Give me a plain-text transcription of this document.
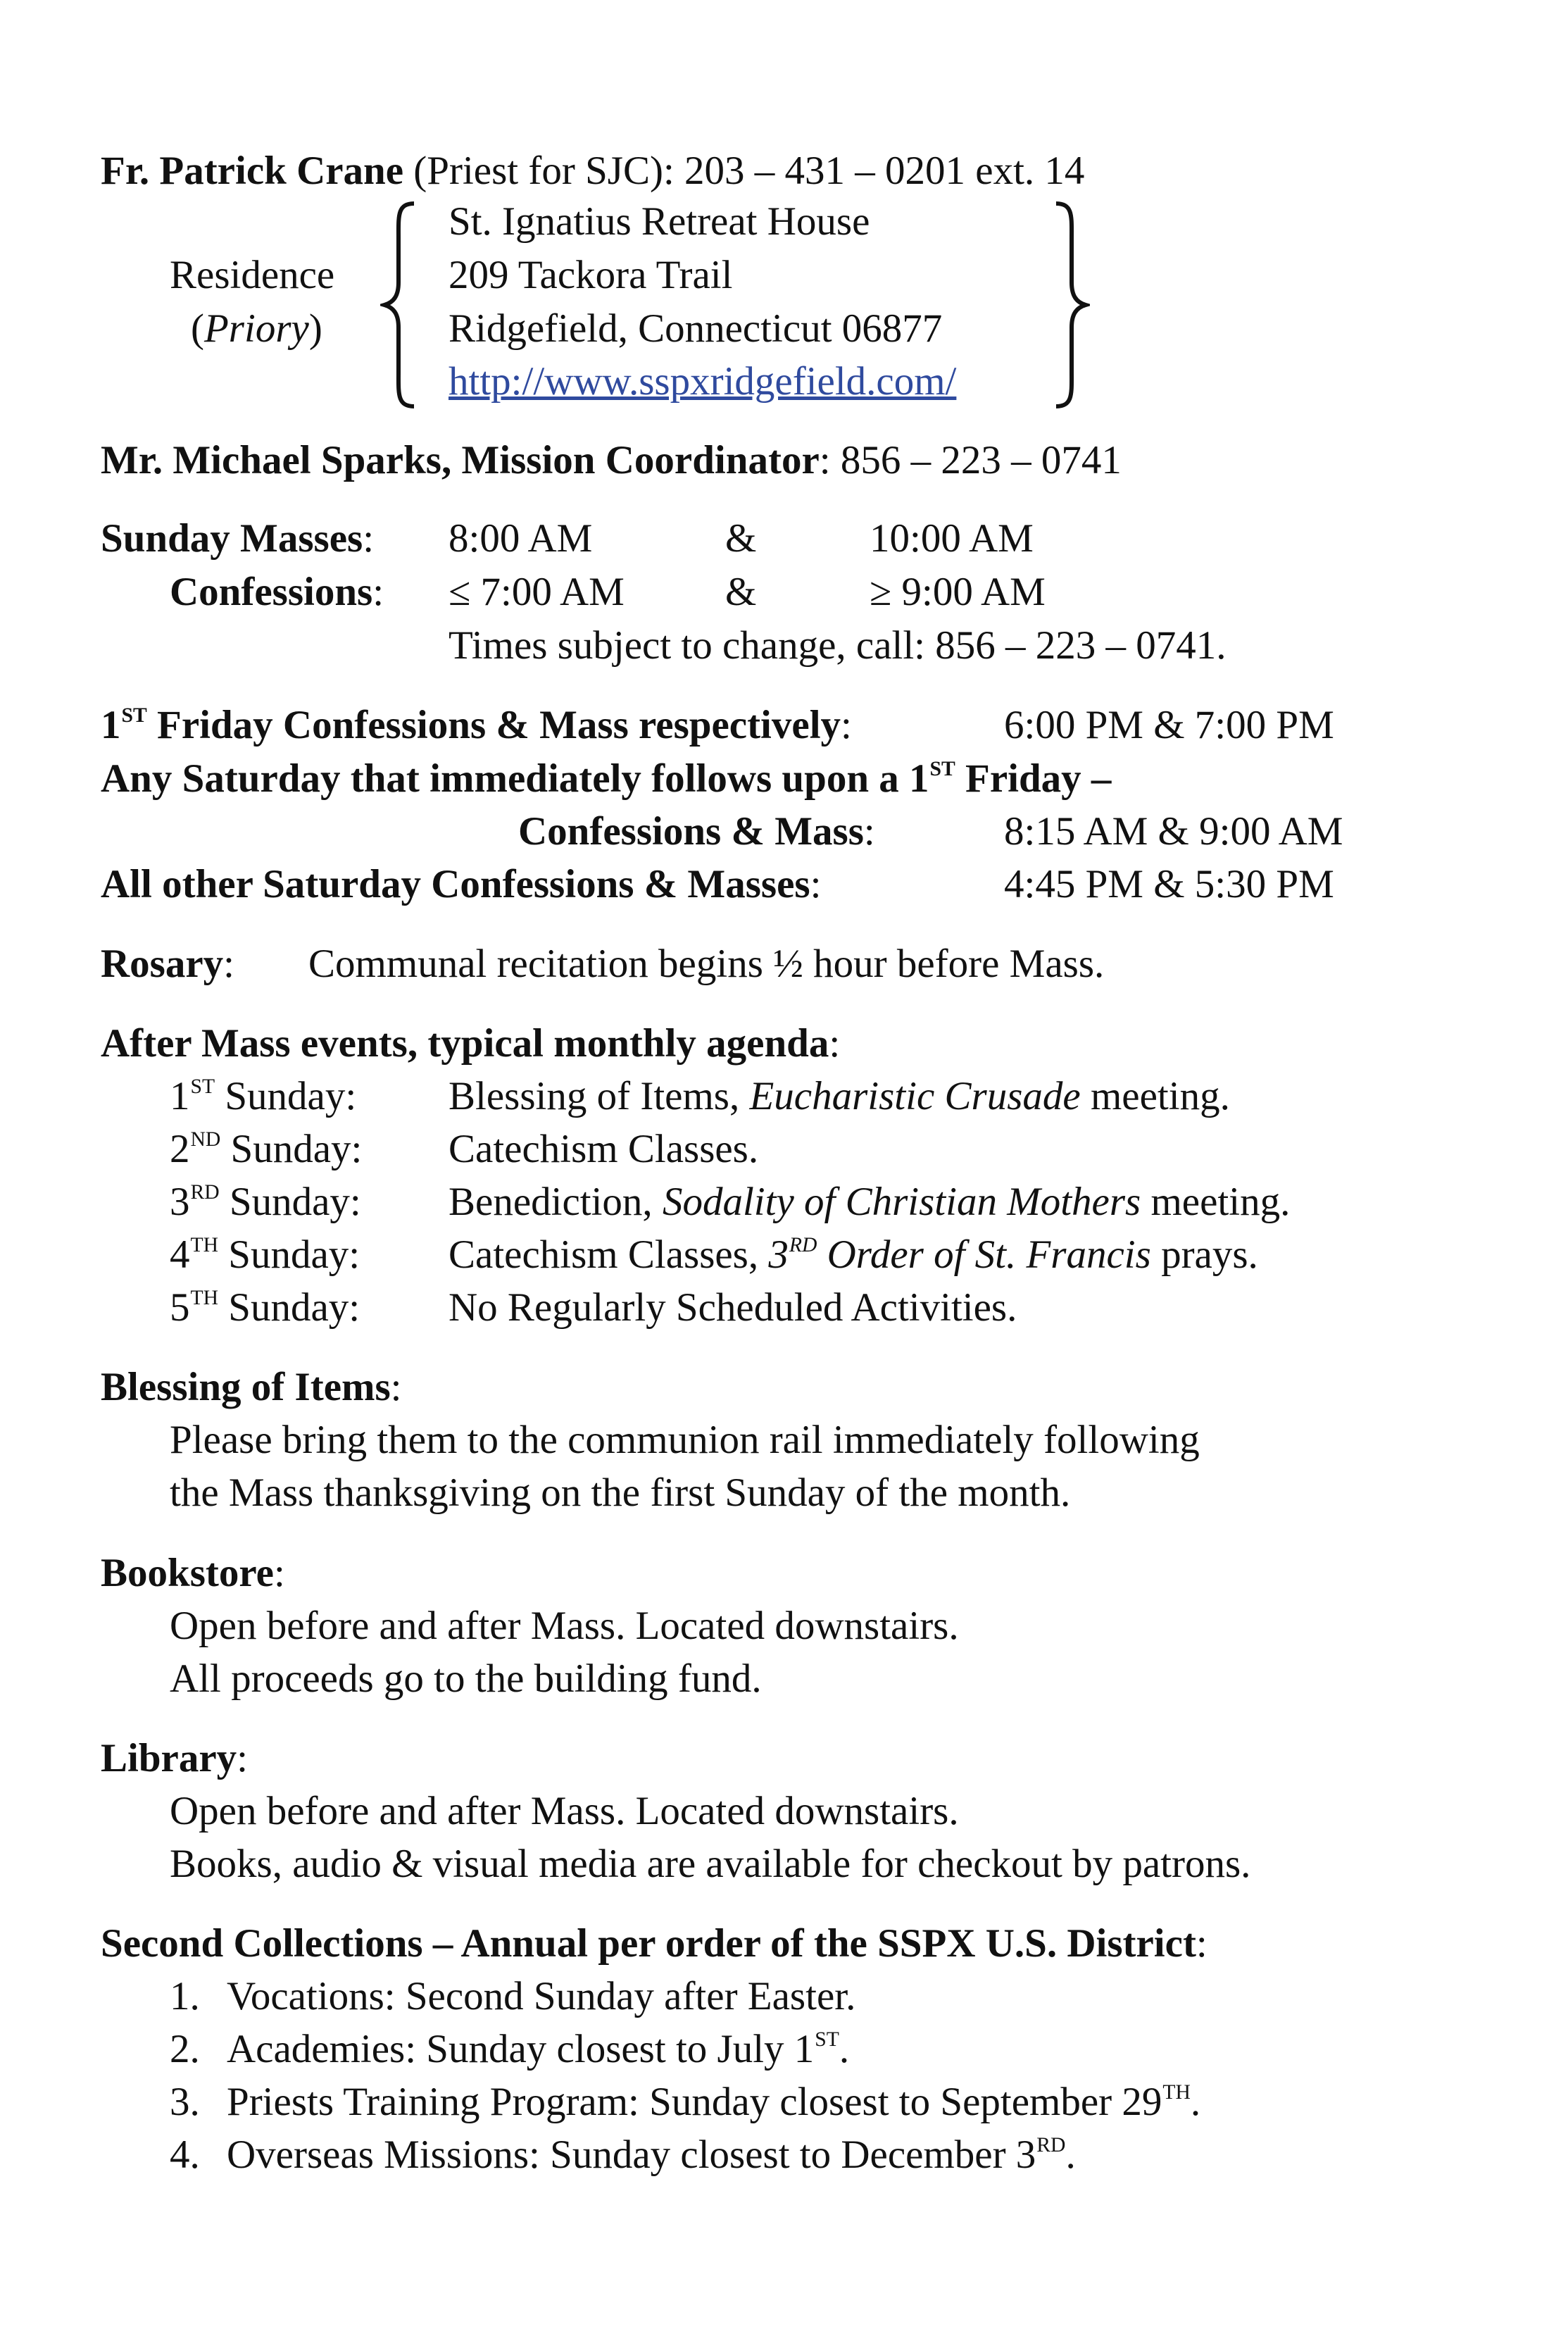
Fr. Patrick Crane (Priest for SJC): 203 – 431 – 0201 ext. 14
Residence
(Priory)
St. Ignatius Retreat House
209 Tackora Trail
Ridgefield, Connecticut 06877
http://www.sspxridgefield.com/
Mr. Michael Sparks, Mission Coordinator: 856 – 223 – 0741
Sunday Masses: 8:00 AM	&	10:00 AM
Confessions: ≤ 7:00 AM	&	≥ 9:00 AM
Times subject to change, call: 856 – 223 – 0741.
1ST Friday Confessions & Mass respectively:	6:00 PM & 7:00 PM
Any Saturday that immediately follows upon a 1ST Friday –
Confessions & Mass:	8:15 AM & 9:00 AM
All other Saturday Confessions & Masses:	4:45 PM & 5:30 PM
Rosary: Communal recitation begins ½ hour before Mass.
After Mass events, typical monthly agenda:
1ST Sunday: Blessing of Items, Eucharistic Crusade meeting.
2ND Sunday: Catechism Classes.
3RD Sunday: Benediction, Sodality of Christian Mothers meeting.
4TH Sunday: Catechism Classes, 3RD Order of St. Francis prays.
5TH Sunday: No Regularly Scheduled Activities.
Blessing of Items:
Please bring them to the communion rail immediately following
the Mass thanksgiving on the first Sunday of the month.
Bookstore:
Open before and after Mass. Located downstairs.
All proceeds go to the building fund.
Library:
Open before and after Mass. Located downstairs.
Books, audio & visual media are available for checkout by patrons.
Second Collections – Annual per order of the SSPX U.S. District:
1. Vocations: Second Sunday after Easter.
2. Academies: Sunday closest to July 1ST.
3. Priests Training Program: Sunday closest to September 29TH.
4. Overseas Missions: Sunday closest to December 3RD.
